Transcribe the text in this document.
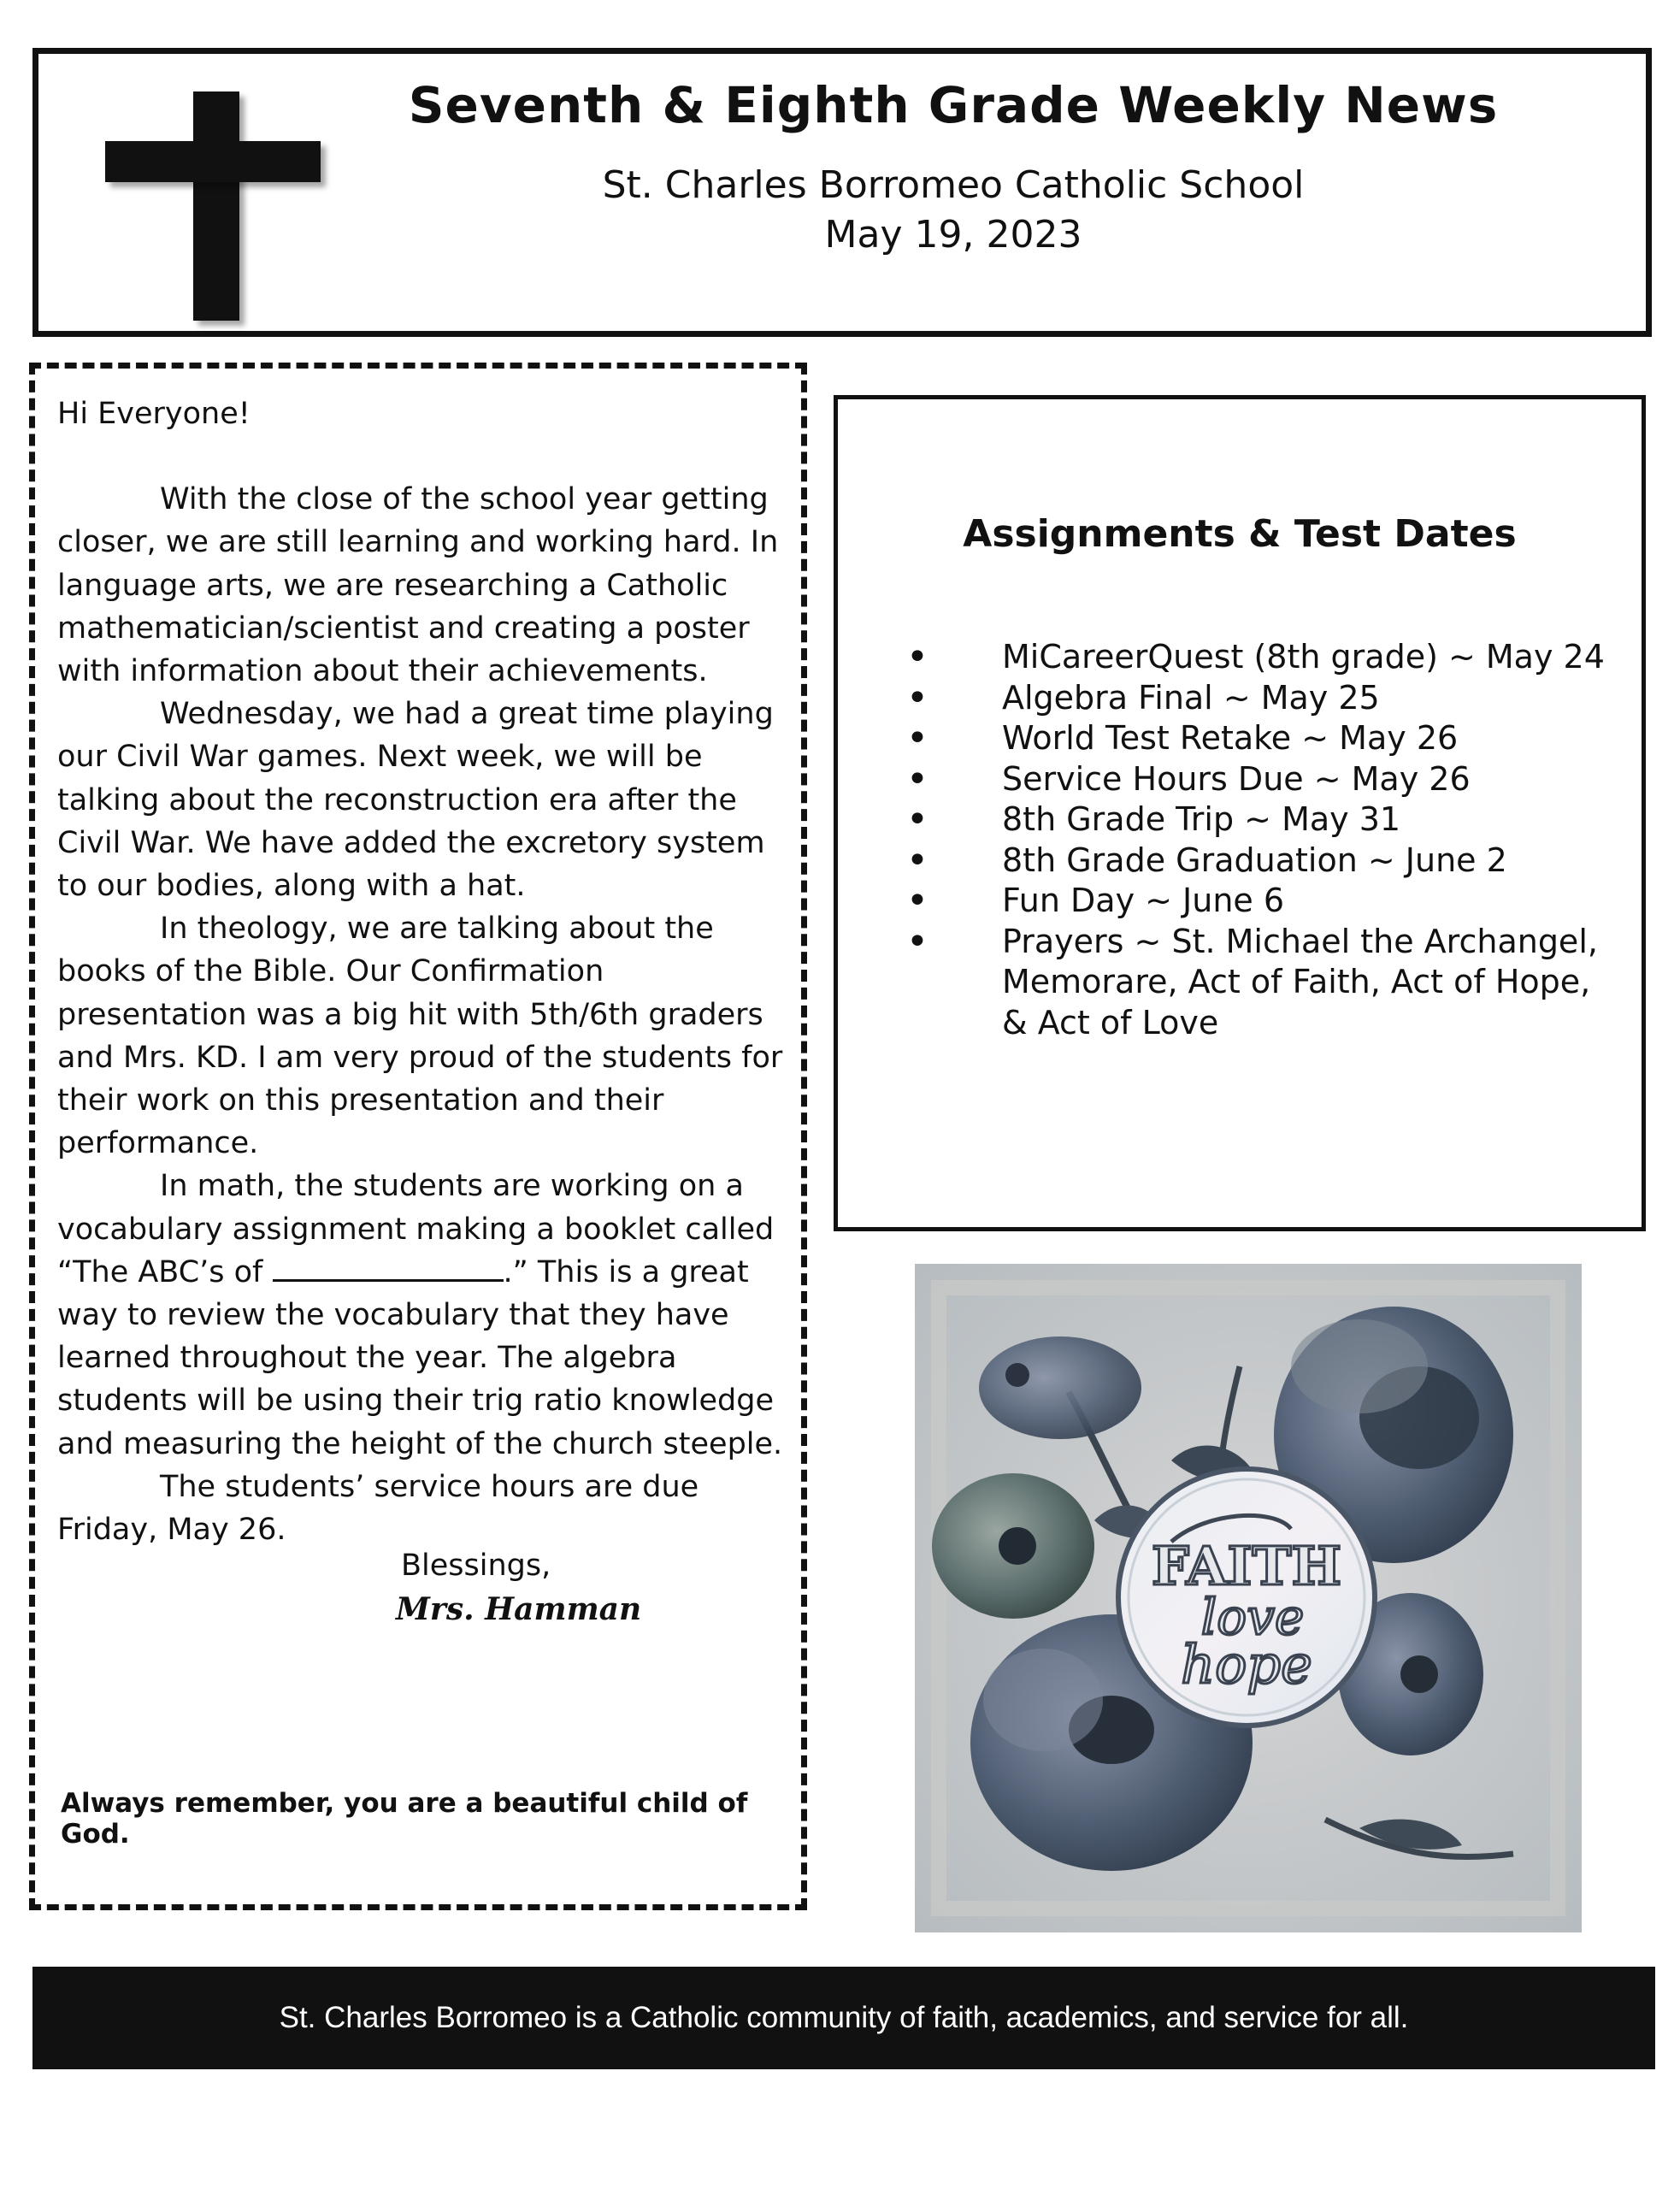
Seventh & Eighth Grade Weekly News
St. Charles Borromeo Catholic School
May 19, 2023

Hi Everyone!

With the close of the school year getting closer, we are still learning and working hard. In language arts, we are researching a Catholic mathematician/scientist and creating a poster with information about their achievements.

Wednesday, we had a great time playing our Civil War games. Next week, we will be talking about the reconstruction era after the Civil War. We have added the excretory system to our bodies, along with a hat.

In theology, we are talking about the books of the Bible. Our Confirmation presentation was a big hit with 5th/6th graders and Mrs. KD. I am very proud of the students for their work on this presentation and their performance.

In math, the students are working on a vocabulary assignment making a booklet called “The ABC’s of	.” This is a great way to review the vocabulary that they have learned throughout the year. The algebra students will be using their trig ratio knowledge and measuring the height of the church steeple.

The students’ service hours are due Friday, May 26.

Blessings,
Mrs. Hamman
Always remember, you are a beautiful child of God.
Assignments & Test Dates
• MiCareerQuest (8th grade) ~ May 24
• Algebra Final ~ May 25
• World Test Retake ~ May 26
• Service Hours Due ~ May 26
• 8th Grade Trip ~ May 31
• 8th Grade Graduation ~ June 2
• Fun Day ~ June 6
• Prayers ~ St. Michael the Archangel, Memorare, Act of Faith, Act of Hope, & Act of Love
FAITH
love
hope
St. Charles Borromeo is a Catholic community of faith, academics, and service for all.
